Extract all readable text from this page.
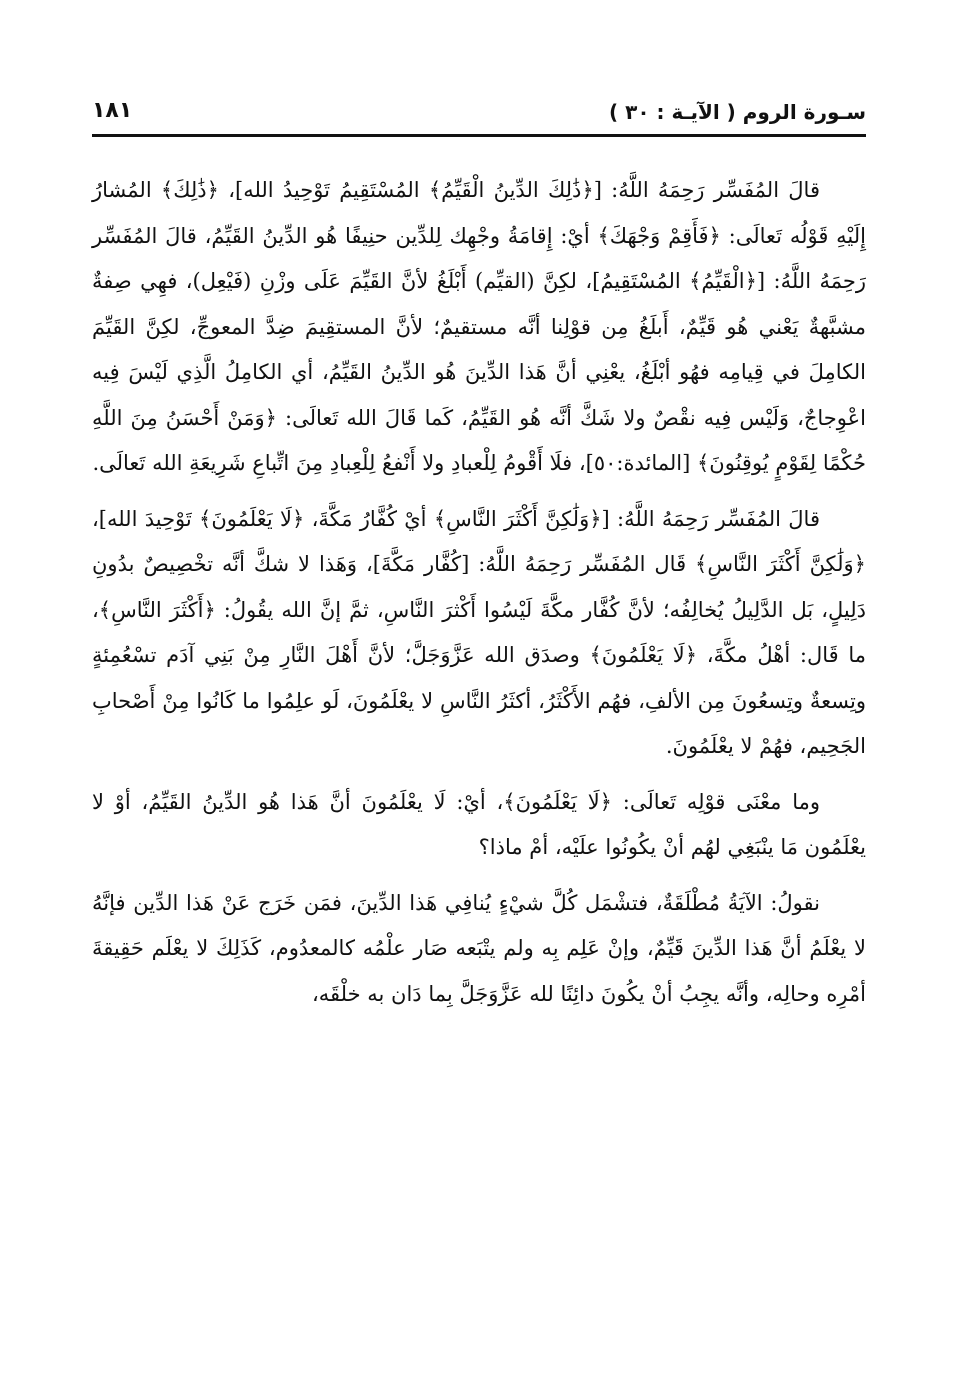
سـورة الروم ( الآيـة : ٣٠ )
١٨١

قالَ المُفَسِّر رَحِمَهُ اللَّهُ: [﴿ذَٰلِكَ الدِّينُ الْقَيِّمُ﴾ المُسْتَقِيمُ تَوْحِيدُ الله]، ﴿ذَٰلِكَ﴾ المُشارُ إِلَيْهِ قَوْلُه تَعالَى: ﴿فَأَقِمْ وَجْهَكَ﴾ أيْ: إِقامَةُ وجْهِك لِلدِّين حنِيفًا هُو الدِّينُ القَيِّمُ، قالَ المُفَسِّر رَحِمَهُ اللَّهُ: [﴿الْقَيِّمُ﴾ المُسْتَقِيمُ]، لكِنَّ (القيِّم) أَبْلَغُ لأنَّ القَيِّمَ عَلَى وزْنِ (فَيْعِل)، فهِي صِفةٌ مشبَّهةٌ يَعْني هُو قَيِّمٌ، أَبلَغُ مِن قوْلِنا أنَّه مستقيمٌ؛ لأنَّ المستقِيمَ ضِدَّ المعوجِّ، لكِنَّ القَيِّمَ الكامِلَ في قِيامِه فهُو أبْلَغُ، يعْنِي أنَّ هَذا الدِّينَ هُو الدِّينُ القَيِّمُ، أي الكامِلُ الَّذِي لَيْسَ فِيه اعْوِجاجٌ، وَلَيْس فِيه نقْصٌ ولا شَكَّ أنَّه هُو القَيِّمُ، كَما قَالَ الله تَعالَى: ﴿وَمَنْ أَحْسَنُ مِنَ اللَّهِ حُكْمًا لِقَوْمٍ يُوقِنُونَ﴾ [المائدة:٥٠]، فلَا أَقْومُ لِلْعبادِ ولا أَنْفعُ لِلْعِبادِ مِنَ اتِّباعِ شَرِيعَةِ الله تَعالَى.

قالَ المُفَسِّر رَحِمَهُ اللَّهُ: [﴿وَلَٰكِنَّ أَكْثَرَ النَّاسِ﴾ أيْ كُفَّارُ مَكَّةَ، ﴿لَا يَعْلَمُونَ﴾ تَوْحِيدَ الله]، ﴿وَلَٰكِنَّ أَكْثَرَ النَّاسِ﴾ قَال المُفَسِّر رَحِمَهُ اللَّهُ: [كُفَّار مَكَّةَ]، وَهَذا لا شكَّ أنَّه تخْصِيصٌ بدُونِ دَلِيلٍ، بَل الدَّلِيلُ يُخالِفُه؛ لأنَّ كُفَّار مكَّةَ لَيْسُوا أَكْثرَ النَّاسِ، ثمَّ إنَّ الله يقُولُ: ﴿أَكْثَرَ النَّاسِ﴾، ما قَال: أهْلُ مكَّةَ، ﴿لَا يَعْلَمُونَ﴾ وصدَق الله عَزَّوَجَلَّ؛ لأنَّ أَهْلَ النَّارِ مِنْ بَنِي آدَم تسْعُمِئةٍ وتِسعةٌ وتِسعُونَ مِن الألفِ، فهُم الأَكْثَرُ، أكثَرُ النَّاسِ لا يعْلَمُونَ، لَو علِمُوا ما كَانُوا مِنْ أَصْحابِ الجَحِيم، فهُمْ لا يعْلَمُونَ.

وما معْنَى قوْلِه تَعالَى: ﴿لَا يَعْلَمُونَ﴾، أيْ: لَا يعْلَمُونَ أنَّ هَذا هُو الدِّينُ القَيِّمُ، أوْ لا يعْلَمُون مَا ينْبَغِي لهُم أنْ يكُونُوا علَيْه، أمْ ماذا؟

نقولُ: الآيَةُ مُطْلَقَةٌ، فتشْمَل كُلَّ شيْءٍ يُنافِي هَذا الدِّينَ، فمَن خَرَج عَنْ هَذا الدِّين فإنَّهُ لا يعْلَمُ أنَّ هَذا الدِّينَ قَيِّمٌ، وإنْ عَلِم بِه ولم يتْبَعه صَار علْمُه كالمعدُوم، كَذَلِكَ لا يعْلَم حَقِيقةَ أمْرِه وحالِه، وأنَّه يجِبُ أنْ يكُونَ دائِنًا لله عَزَّوَجَلَّ بِما دَان به خلْقَه،
